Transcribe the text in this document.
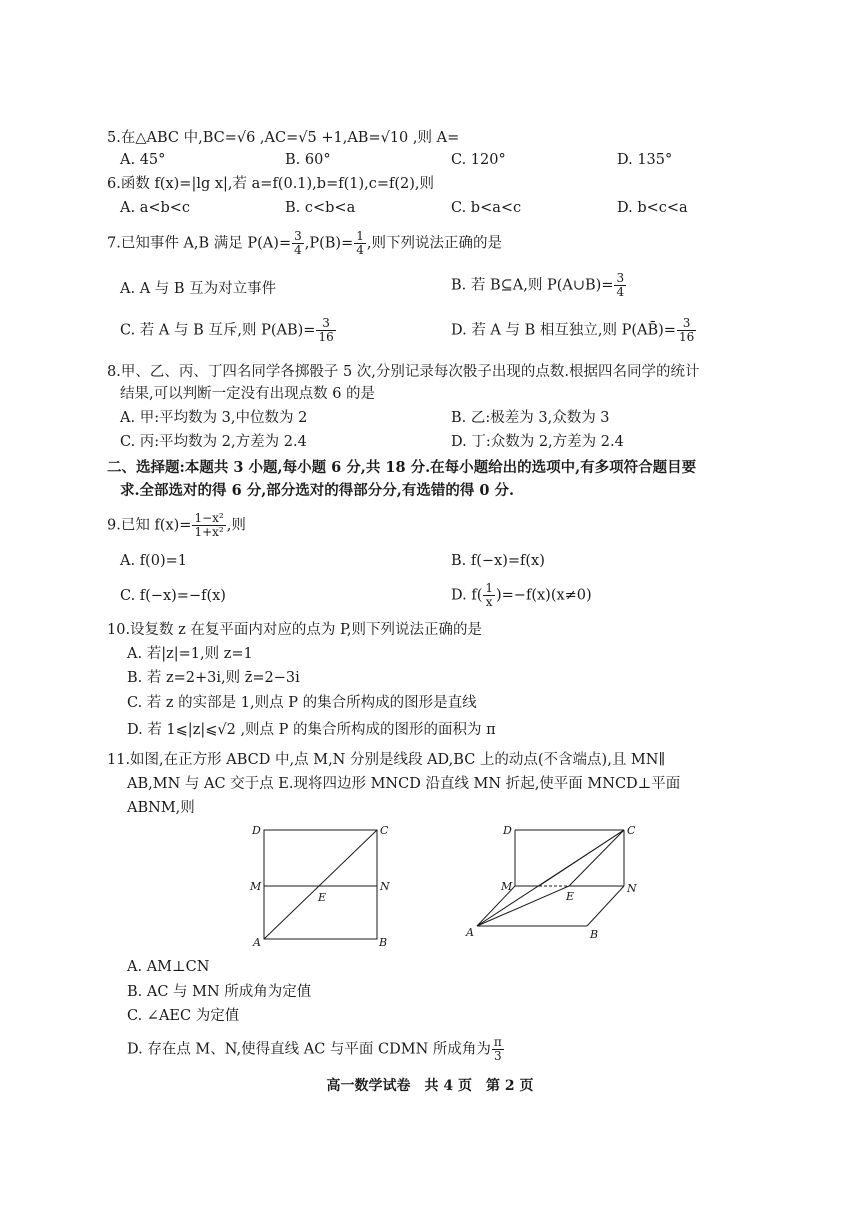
5.在△ABC 中,BC=√6 ,AC=√5 +1,AB=√10 ,则 A=
A. 45°	B. 60°	C. 120°	D. 135°
6.函数 f(x)=|lg x|,若 a=f(0.1),b=f(1),c=f(2),则
A. a<b<c	B. c<b<a	C. b<a<c	D. b<c<a
7.已知事件 A,B 满足 $P(A)= \frac{3}{4} ,P(B)= \frac{1}{4}$ ,则下列说法正确的是
A. A 与 B 互为对立事件	B. 若 B⊆A,则 P(A∪B)= $\frac{3}{4}$
C. 若 A 与 B 互斥,则 $P(AB)= \frac{3}{16}$	D. 若 A 与 B 相互独立,则 P(AB̄)= $\frac{3}{16}$
8.甲、乙、丙、丁四名同学各掷骰子 5 次,分别记录每次骰子出现的点数.根据四名同学的统计
结果,可以判断一定没有出现点数 6 的是
A. 甲:平均数为 3,中位数为 2	B. 乙:极差为 3,众数为 3
C. 丙:平均数为 2,方差为 2.4	D. 丁:众数为 2,方差为 2.4
二、选择题:本题共 3 小题,每小题 6 分,共 18 分.在每小题给出的选项中,有多项符合题目要
求.全部选对的得 6 分,部分选对的得部分分,有选错的得 0 分.
9.已知 $f(x)= \frac{\text{1−x²}}{\text{1+x²}}$ ,则
A. f(0)=1	B. f(−x)=f(x)
C. f(−x)=−f(x)	D. $f( \frac{1}{x} )=-f(x)(x\ne 0)$
10.设复数 z 在复平面内对应的点为 P,则下列说法正确的是
A. 若|z|=1,则 z=1
B. 若 z=2+3i,则 z̄=2−3i
C. 若 z 的实部是 1,则点 P 的集合所构成的图形是直线
D. 若 1⩽|z|⩽√2 ,则点 P 的集合所构成的图形的面积为 π
11.如图,在正方形 ABCD 中,点 M,N 分别是线段 AD,BC 上的动点(不含端点),且 MN∥
AB,MN 与 AC 交于点 E.现将四边形 MNCD 沿直线 MN 折起,使平面 MNCD⊥平面
ABNM,则
D	C
M	N
E
A	B
D	C
M	N
E
A	B
A. AM⊥CN
B. AC 与 MN 所成角为定值
C. ∠AEC 为定值
D. 存在点 M、N,使得直线 AC 与平面 CDMN 所成角为 $\frac{\pi}{3}$
高一数学试卷　共 4 页　第 2 页
